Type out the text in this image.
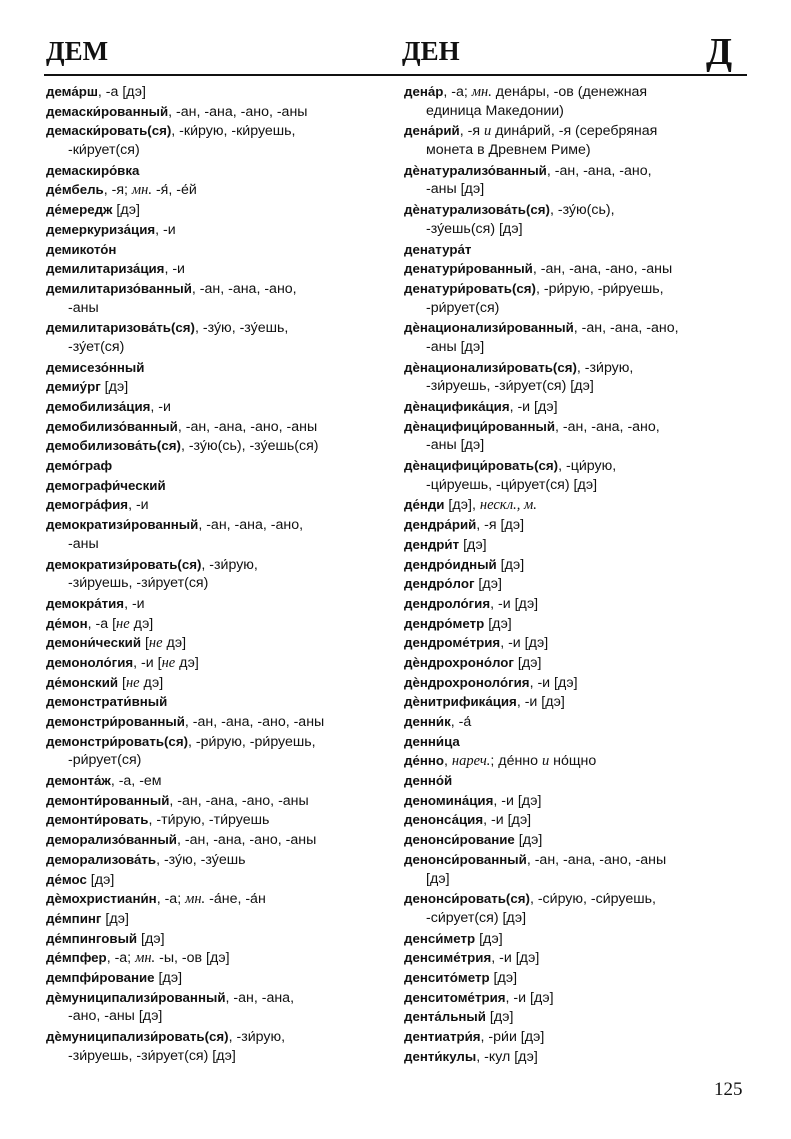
ДЕМ	ДЕН	Д
дема́рш, -а [дэ]
демаски́рованный, -ан, -ана, -ано, -аны
демаски́ровать(ся), -ки́рую, -ки́руешь,
-ки́рует(ся)
демаскиро́вка
де́мбель, -я; мн. -я́, -е́й
де́мередж [дэ]
демеркуриза́ция, -и
демикото́н
демилитариза́ция, -и
демилитаризо́ванный, -ан, -ана, -ано,
-аны
демилитаризова́ть(ся), -зу́ю, -зу́ешь,
-зу́ет(ся)
демисезо́нный
демиу́рг [дэ]
демобилиза́ция, -и
демобилизо́ванный, -ан, -ана, -ано, -аны
демобилизова́ть(ся), -зу́ю(сь), -зу́ешь(ся)
демо́граф
демографи́ческий
демогра́фия, -и
демократизи́рованный, -ан, -ана, -ано,
-аны
демократизи́ровать(ся), -зи́рую,
-зи́руешь, -зи́рует(ся)
демокра́тия, -и
де́мон, -а [не дэ]
демони́ческий [не дэ]
демоноло́гия, -и [не дэ]
де́монский [не дэ]
демонстрати́вный
демонстри́рованный, -ан, -ана, -ано, -аны
демонстри́ровать(ся), -ри́рую, -ри́руешь,
-ри́рует(ся)
демонта́ж, -а, -ем
демонти́рованный, -ан, -ана, -ано, -аны
демонти́ровать, -ти́рую, -ти́руешь
деморализо́ванный, -ан, -ана, -ано, -аны
деморализова́ть, -зу́ю, -зу́ешь
де́мос [дэ]
дѐмохристиани́н, -а; мн. -а́не, -а́н
де́мпинг [дэ]
де́мпинговый [дэ]
де́мпфер, -а; мн. -ы, -ов [дэ]
демпфи́рование [дэ]
дѐмуниципализи́рованный, -ан, -ана,
-ано, -аны [дэ]
дѐмуниципализи́ровать(ся), -зи́рую,
-зи́руешь, -зи́рует(ся) [дэ]
дена́р, -а; мн. дена́ры, -ов (денежная
единица Македонии)
дена́рий, -я и дина́рий, -я (серебряная
монета в Древнем Риме)
дѐнатурализо́ванный, -ан, -ана, -ано,
-аны [дэ]
дѐнатурализова́ть(ся), -зу́ю(сь),
-зу́ешь(ся) [дэ]
денатура́т
денатури́рованный, -ан, -ана, -ано, -аны
денатури́ровать(ся), -ри́рую, -ри́руешь,
-ри́рует(ся)
дѐнационализи́рованный, -ан, -ана, -ано,
-аны [дэ]
дѐнационализи́ровать(ся), -зи́рую,
-зи́руешь, -зи́рует(ся) [дэ]
дѐнацифика́ция, -и [дэ]
дѐнацифици́рованный, -ан, -ана, -ано,
-аны [дэ]
дѐнацифици́ровать(ся), -ци́рую,
-ци́руешь, -ци́рует(ся) [дэ]
де́нди [дэ], нескл., м.
дендра́рий, -я [дэ]
дендри́т [дэ]
дендро́идный [дэ]
дендро́лог [дэ]
дендроло́гия, -и [дэ]
дендро́метр [дэ]
дендроме́трия, -и [дэ]
дѐндрохроно́лог [дэ]
дѐндрохроноло́гия, -и [дэ]
дѐнитрифика́ция, -и [дэ]
денни́к, -а́
денни́ца
де́нно, нареч.; де́нно и но́щно
денно́й
деномина́ция, -и [дэ]
денонса́ция, -и [дэ]
денонси́рование [дэ]
денонси́рованный, -ан, -ана, -ано, -аны
[дэ]
денонси́ровать(ся), -си́рую, -си́руешь,
-си́рует(ся) [дэ]
денси́метр [дэ]
денсиме́трия, -и [дэ]
денсито́метр [дэ]
денситоме́трия, -и [дэ]
дента́льный [дэ]
дентиатри́я, -ри́и [дэ]
денти́кулы, -кул [дэ]
125
